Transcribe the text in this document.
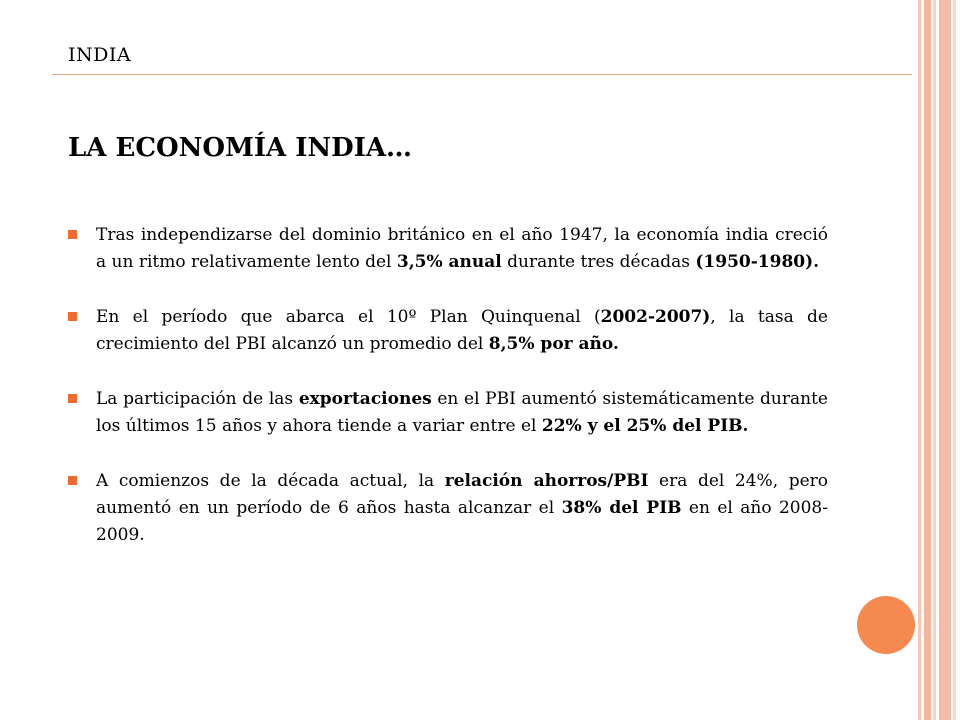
INDIA
LA ECONOMÍA INDIA…
Tras independizarse del dominio británico en el año 1947, la economía india creció a un ritmo relativamente lento del 3,5% anual durante tres décadas (1950-1980).
En el período que abarca el 10º Plan Quinquenal (2002-2007), la tasa de crecimiento del PBI alcanzó un promedio del 8,5% por año.
La participación de las exportaciones en el PBI aumentó sistemáticamente durante los últimos 15 años y ahora tiende a variar entre el 22% y el 25% del PIB.
A comienzos de la década actual, la relación ahorros/PBI era del 24%, pero aumentó en un período de 6 años hasta alcanzar el 38% del PIB en el año 2008-2009.
